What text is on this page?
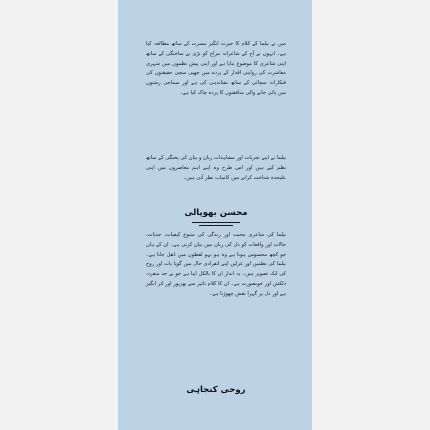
میں نے نیلما کے کلام کا حیرت انگیز مسرت کے ساتھ مطالعہ کیا ہے۔ انہوں نے آج کے شاعرانہ مزاج کو بڑی بے ساختگی کے ساتھ اپنی شاعری کا موضوع بنایا ہے اور اپنی پیش نظموں میں شہری معاشرت کی روایتی اقدار کے پردے میں چھپی سچی حقیقتوں کی فنکارانہ سچائی کے ساتھ نشاندہی کی ہے اور سماجی رشتوں میں پائی جانے والی منافقتوں کا پردہ چاک کیا ہے۔
نیلما نے اپنے تجربات اور مشاہدات زبان و بیان کی پختگی کے ساتھ نظم کیے ہیں اور اس طرح وہ اپنے اہم معاصروں میں اپنی علیحدہ شناخت کرانے میں کامیاب نظر آتی ہیں۔
محسن بھوپالی
نیلما کی شاعری محبت اور زندگی کی متنوع کیفیات، جذبات، حالات اور واقعات کو دل کی زبان میں بیان کرتی ہے۔ ان کے ہاں جو کچھ محسوس ہوتا ہے وہ ہو بہو لفظوں میں ڈھل جاتا ہے۔ نیلما کی نظمیں اور غزلیں اپنے انفرادی حال میں گویا بات اور روح کی ایک تصویر ہیں۔ یہ انداز ان کا بالکل اپنا ہے جو بے حد منفرد، دلکش اور خوبصورت ہے۔ ان کا کلام تاثیر سے بھرپور اور اثر انگیز ہے اور دل پر گہرا نقش چھوڑتا ہے۔
روحی کنجاہی
